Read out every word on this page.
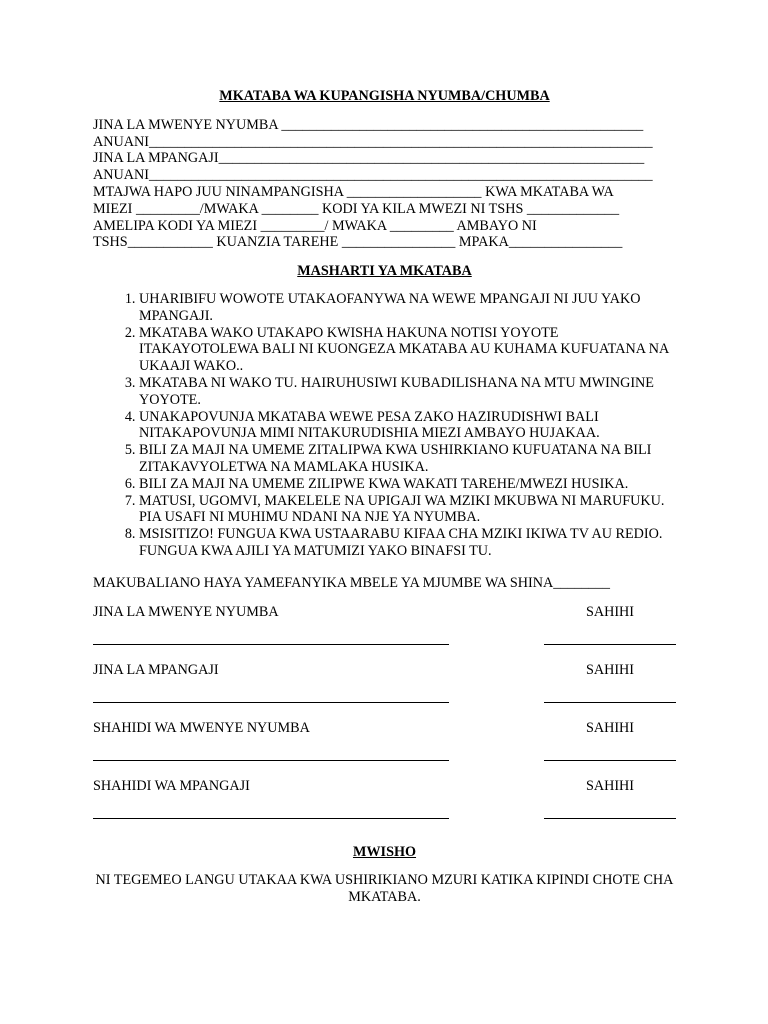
MKATABA WA KUPANGISHA NYUMBA/CHUMBA
JINA LA MWENYE NYUMBA ___________________________________________________
ANUANI_______________________________________________________________________
JINA LA MPANGAJI____________________________________________________________
ANUANI_______________________________________________________________________
MTAJWA HAPO JUU NINAMPANGISHA ___________________ KWA MKATABA WA
MIEZI _________/MWAKA ________ KODI YA KILA MWEZI NI TSHS _____________
AMELIPA KODI YA MIEZI _________/ MWAKA _________ AMBAYO NI
TSHS____________ KUANZIA TAREHE ________________ MPAKA________________
MASHARTI YA MKATABA
1. UHARIBIFU WOWOTE UTAKAOFANYWA NA WEWE MPANGAJI NI JUU YAKO MPANGAJI.
2. MKATABA WAKO UTAKAPO KWISHA HAKUNA NOTISI YOYOTE ITAKAYOTOLEWA BALI NI KUONGEZA MKATABA AU KUHAMA KUFUATANA NA UKAAJI WAKO..
3. MKATABA NI WAKO TU. HAIRUHUSIWI KUBADILISHANA NA MTU MWINGINE YOYOTE.
4. UNAKAPOVUNJA MKATABA WEWE PESA ZAKO HAZIRUDISHWI BALI NITAKAPOVUNJA MIMI NITAKURUDISHIA MIEZI AMBAYO HUJAKAA.
5. BILI ZA MAJI NA UMEME ZITALIPWA KWA USHIRKIANO KUFUATANA NA BILI ZITAKAVYOLETWA NA MAMLAKA HUSIKA.
6. BILI ZA MAJI NA UMEME ZILIPWE KWA WAKATI TAREHE/MWEZI HUSIKA.
7. MATUSI, UGOMVI, MAKELELE NA UPIGAJI WA MZIKI MKUBWA NI MARUFUKU. PIA USAFI NI MUHIMU NDANI NA NJE YA NYUMBA.
8. MSISITIZO! FUNGUA KWA USTAARABU KIFAA CHA MZIKI IKIWA TV AU REDIO. FUNGUA KWA AJILI YA MATUMIZI YAKO BINAFSI TU.
MAKUBALIANO HAYA YAMEFANYIKA MBELE YA MJUMBE WA SHINA________
JINA LA MWENYE NYUMBA	SAHIHI
JINA LA MPANGAJI	SAHIHI
SHAHIDI WA MWENYE NYUMBA	SAHIHI
SHAHIDI WA MPANGAJI	SAHIHI
MWISHO
NI TEGEMEO LANGU UTAKAA KWA USHIRIKIANO MZURI KATIKA KIPINDI CHOTE CHA MKATABA.
